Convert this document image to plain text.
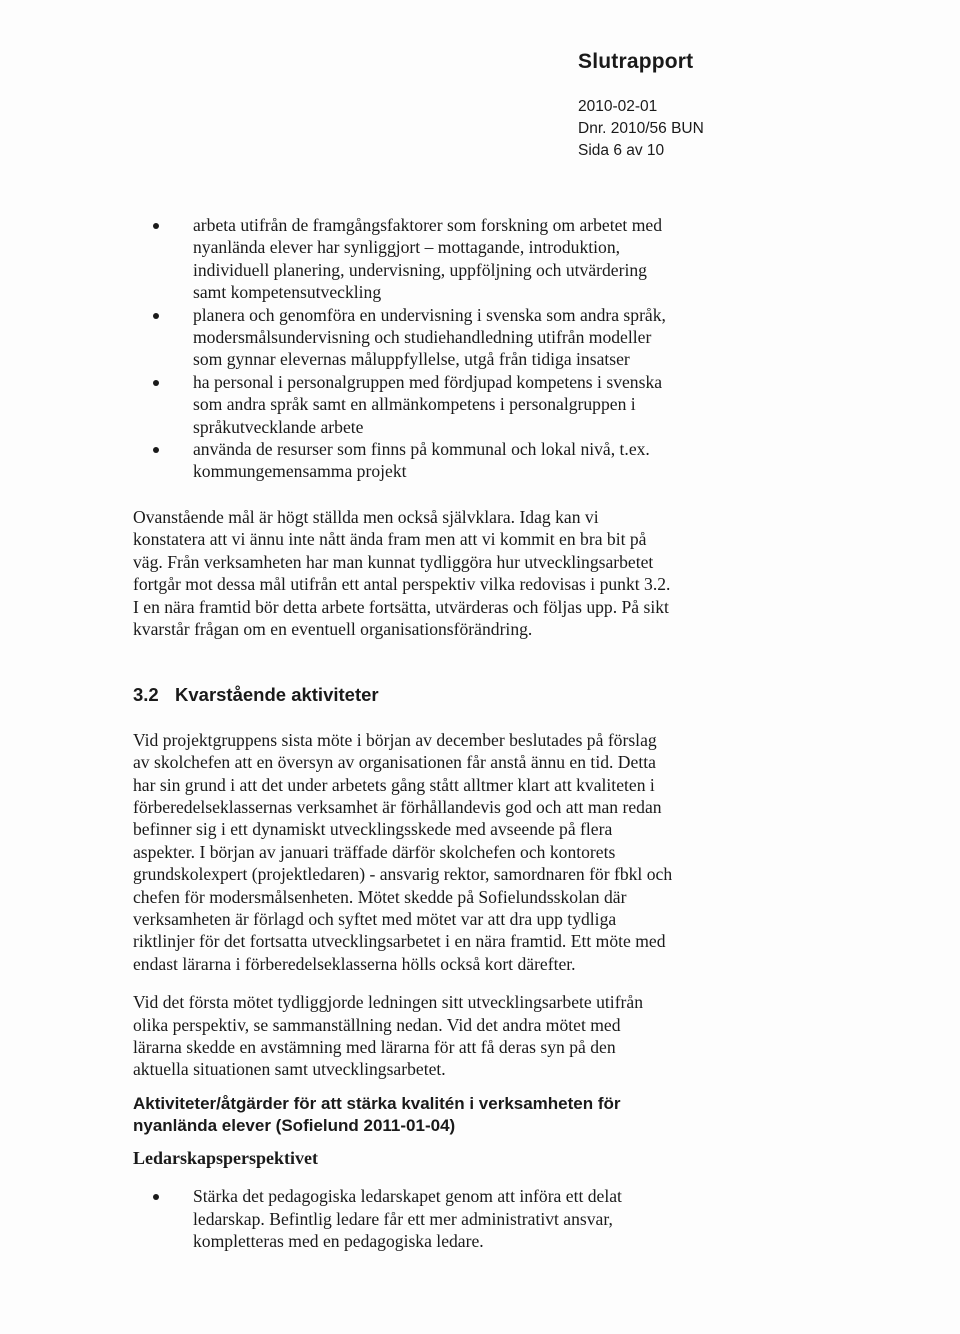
Slutrapport

2010-02-01

Dnr. 2010/56 BUN

Sida 6 av 10

arbeta utifrån de framgångsfaktorer som forskning om arbetet med
nyanlända elever har synliggjort – mottagande, introduktion,
individuell planering, undervisning, uppföljning och utvärdering
samt kompetensutveckling
planera och genomföra en undervisning i svenska som andra språk,
modersmålsundervisning och studiehandledning utifrån modeller
som gynnar elevernas måluppfyllelse, utgå från tidiga insatser
ha personal i personalgruppen med fördjupad kompetens i svenska
som andra språk samt en allmänkompetens i personalgruppen i
språkutvecklande arbete
använda de resurser som finns på kommunal och lokal nivå, t.ex.
kommungemensamma projekt
Ovanstående mål är högt ställda men också självklara. Idag kan vi
konstatera att vi ännu inte nått ända fram men att vi kommit en bra bit på
väg. Från verksamheten har man kunnat tydliggöra hur utvecklingsarbetet
fortgår mot dessa mål utifrån ett antal perspektiv vilka redovisas i punkt 3.2.
I en nära framtid bör detta arbete fortsätta, utvärderas och följas upp. På sikt
kvarstår frågan om en eventuell organisationsförändring.
3.2 Kvarstående aktiviteter
Vid projektgruppens sista möte i början av december beslutades på förslag
av skolchefen att en översyn av organisationen får anstå ännu en tid. Detta
har sin grund i att det under arbetets gång stått alltmer klart att kvaliteten i
förberedelseklassernas verksamhet är förhållandevis god och att man redan
befinner sig i ett dynamiskt utvecklingsskede med avseende på flera
aspekter. I början av januari träffade därför skolchefen och kontorets
grundskolexpert (projektledaren) - ansvarig rektor, samordnaren för fbkl och
chefen för modersmålsenheten. Mötet skedde på Sofielundsskolan där
verksamheten är förlagd och syftet med mötet var att dra upp tydliga
riktlinjer för det fortsatta utvecklingsarbetet i en nära framtid. Ett möte med
endast lärarna i förberedelseklasserna hölls också kort därefter.
Vid det första mötet tydliggjorde ledningen sitt utvecklingsarbete utifrån
olika perspektiv, se sammanställning nedan. Vid det andra mötet med
lärarna skedde en avstämning med lärarna för att få deras syn på den
aktuella situationen samt utvecklingsarbetet.
Aktiviteter/åtgärder för att stärka kvalitén i verksamheten för
nyanlända elever (Sofielund 2011-01-04)
Ledarskapsperspektivet
Stärka det pedagogiska ledarskapet genom att införa ett delat
ledarskap. Befintlig ledare får ett mer administrativt ansvar,
kompletteras med en pedagogiska ledare.
